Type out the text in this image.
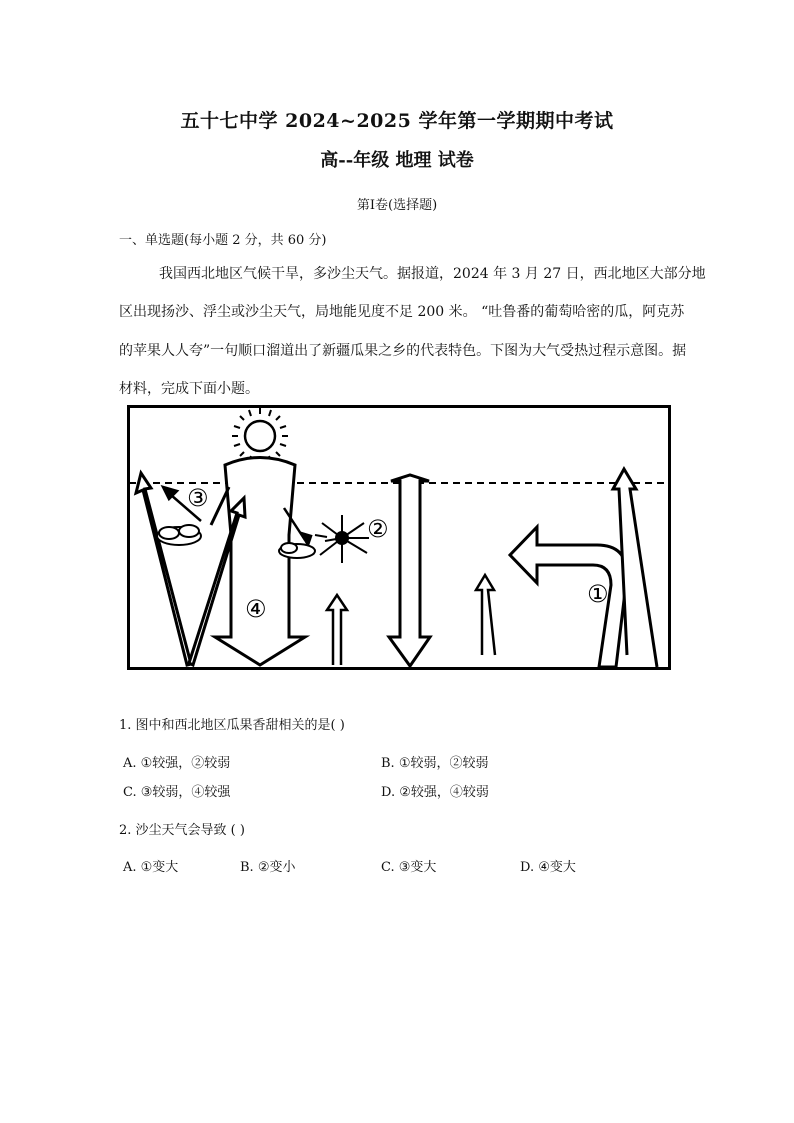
五十七中学 2024~2025 学年第一学期期中考试
高--年级 地理 试卷
第Ⅰ卷(选择题)
一、单选题(每小题 2 分，共 60 分)
我国西北地区气候干旱，多沙尘天气。据报道，2024 年 3 月 27 日，西北地区大部分地
区出现扬沙、浮尘或沙尘天气，局地能见度不足 200 米。 “吐鲁番的葡萄哈密的瓜，阿克苏
的苹果人人夸”一句顺口溜道出了新疆瓜果之乡的代表特色。下图为大气受热过程示意图。据
材料，完成下面小题。
③
②
④
①
1. 图中和西北地区瓜果香甜相关的是( )
A. ①较强，②较弱	B. ①较弱，②较弱
C. ③较弱，④较强	D. ②较强，④较弱
2. 沙尘天气会导致 ( )
A. ①变大	B. ②变小	C. ③变大	D. ④变大
